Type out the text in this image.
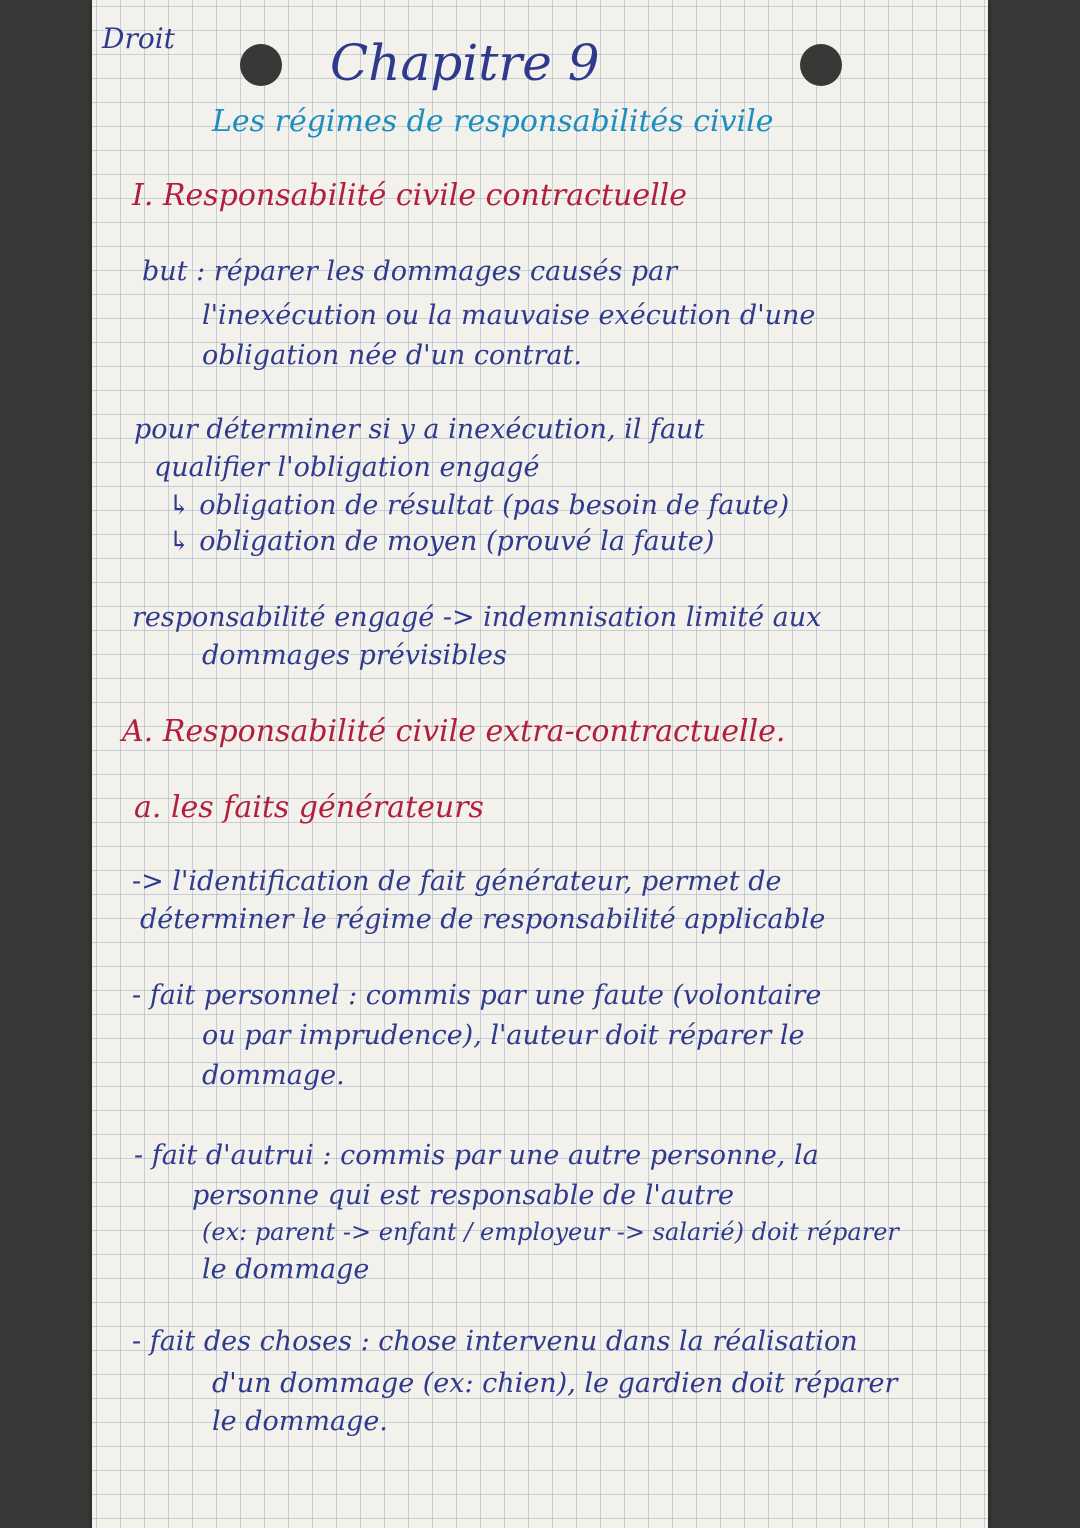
Droit	Chapitre 9
Les régimes de responsabilités civile
I. Responsabilité civile contractuelle
but : réparer les dommages causés par
l'inexécution ou la mauvaise exécution d'une
obligation née d'un contrat.
pour déterminer si y a inexécution, il faut
qualifier l'obligation engagé
↳ obligation de résultat (pas besoin de faute)
↳ obligation de moyen (prouvé la faute)
responsabilité engagé -> indemnisation limité aux
dommages prévisibles
A. Responsabilité civile extra-contractuelle.
a. les faits générateurs
-> l'identification de fait générateur, permet de
déterminer le régime de responsabilité applicable
- fait personnel : commis par une faute (volontaire
ou par imprudence), l'auteur doit réparer le
dommage.
- fait d'autrui : commis par une autre personne, la
personne qui est responsable de l'autre
(ex: parent -> enfant / employeur -> salarié) doit réparer
le dommage
- fait des choses : chose intervenu dans la réalisation
d'un dommage (ex: chien), le gardien doit réparer
le dommage.
